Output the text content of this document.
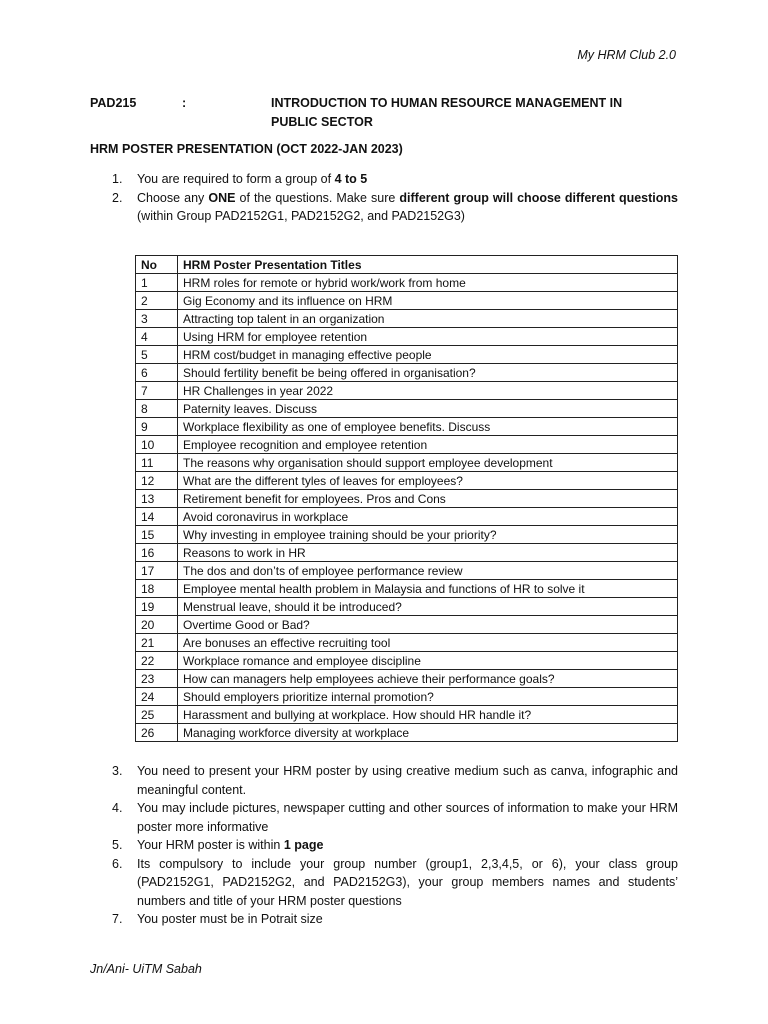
My HRM Club 2.0
PAD215	:	INTRODUCTION TO HUMAN RESOURCE MANAGEMENT IN PUBLIC SECTOR
HRM POSTER PRESENTATION (OCT 2022-JAN 2023)
1. You are required to form a group of 4 to 5
2. Choose any ONE of the questions. Make sure different group will choose different questions (within Group PAD2152G1, PAD2152G2, and PAD2152G3)
No	HRM Poster Presentation Titles
1	HRM roles for remote or hybrid work/work from home
2	Gig Economy and its influence on HRM
3	Attracting top talent in an organization
4	Using HRM for employee retention
5	HRM cost/budget in managing effective people
6	Should fertility benefit be being offered in organisation?
7	HR Challenges in year 2022
8	Paternity leaves. Discuss
9	Workplace flexibility as one of employee benefits. Discuss
10	Employee recognition and employee retention
11	The reasons why organisation should support employee development
12	What are the different tyles of leaves for employees?
13	Retirement benefit for employees. Pros and Cons
14	Avoid coronavirus in workplace
15	Why investing in employee training should be your priority?
16	Reasons to work in HR
17	The dos and don’ts of employee performance review
18	Employee mental health problem in Malaysia and functions of HR to solve it
19	Menstrual leave, should it be introduced?
20	Overtime Good or Bad?
21	Are bonuses an effective recruiting tool
22	Workplace romance and employee discipline
23	How can managers help employees achieve their performance goals?
24	Should employers prioritize internal promotion?
25	Harassment and bullying at workplace. How should HR handle it?
26	Managing workforce diversity at workplace
3. You need to present your HRM poster by using creative medium such as canva, infographic and meaningful content.
4. You may include pictures, newspaper cutting and other sources of information to make your HRM poster more informative
5. Your HRM poster is within 1 page
6. Its compulsory to include your group number (group1, 2,3,4,5, or 6), your class group (PAD2152G1, PAD2152G2, and PAD2152G3), your group members names and students’ numbers and title of your HRM poster questions
7. You poster must be in Potrait size
Jn/Ani- UiTM Sabah
